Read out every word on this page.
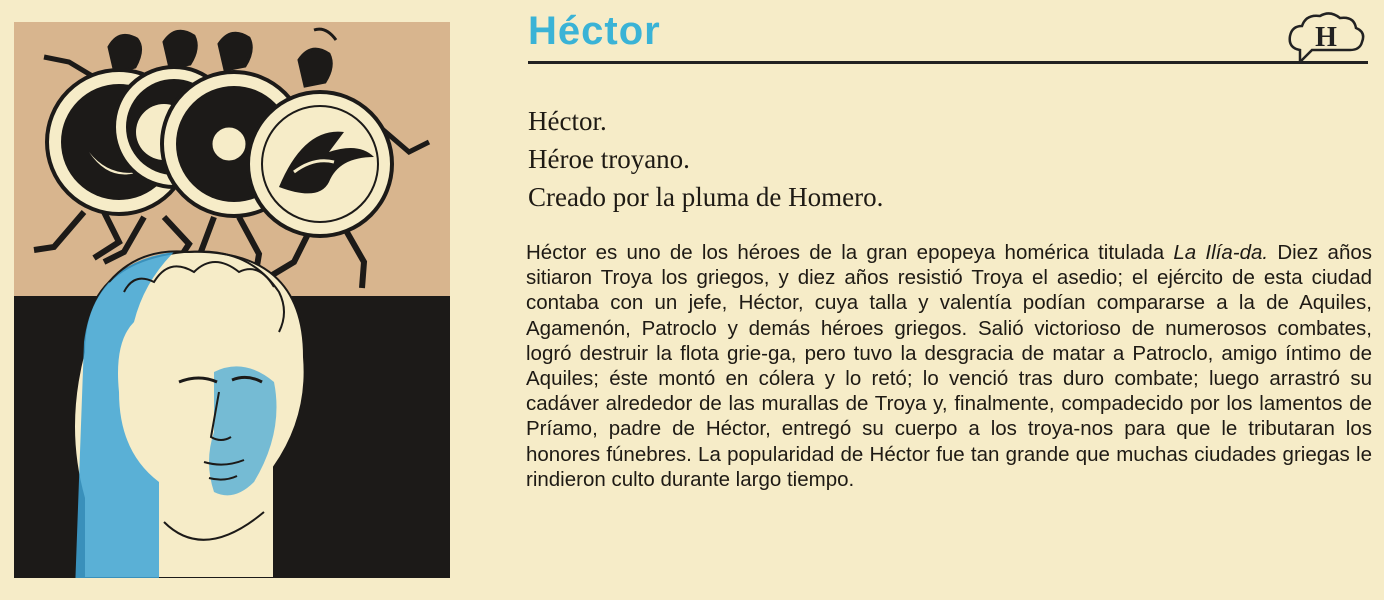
Héctor	H
Héctor.
Héroe troyano.
Creado por la pluma de Homero.
Héctor es uno de los héroes de la gran epopeya homérica titulada La Ilía-da. Diez años sitiaron Troya los griegos, y diez años resistió Troya el asedio; el ejército de esta ciudad contaba con un jefe, Héctor, cuya talla y valentía podían compararse a la de Aquiles, Agamenón, Patroclo y demás héroes griegos. Salió victorioso de numerosos combates, logró destruir la flota grie-ga, pero tuvo la desgracia de matar a Patroclo, amigo íntimo de Aquiles; éste montó en cólera y lo retó; lo venció tras duro combate; luego arrastró su cadáver alrededor de las murallas de Troya y, finalmente, compadecido por los lamentos de Príamo, padre de Héctor, entregó su cuerpo a los troya-nos para que le tributaran los honores fúnebres. La popularidad de Héctor fue tan grande que muchas ciudades griegas le rindieron culto durante largo tiempo.
